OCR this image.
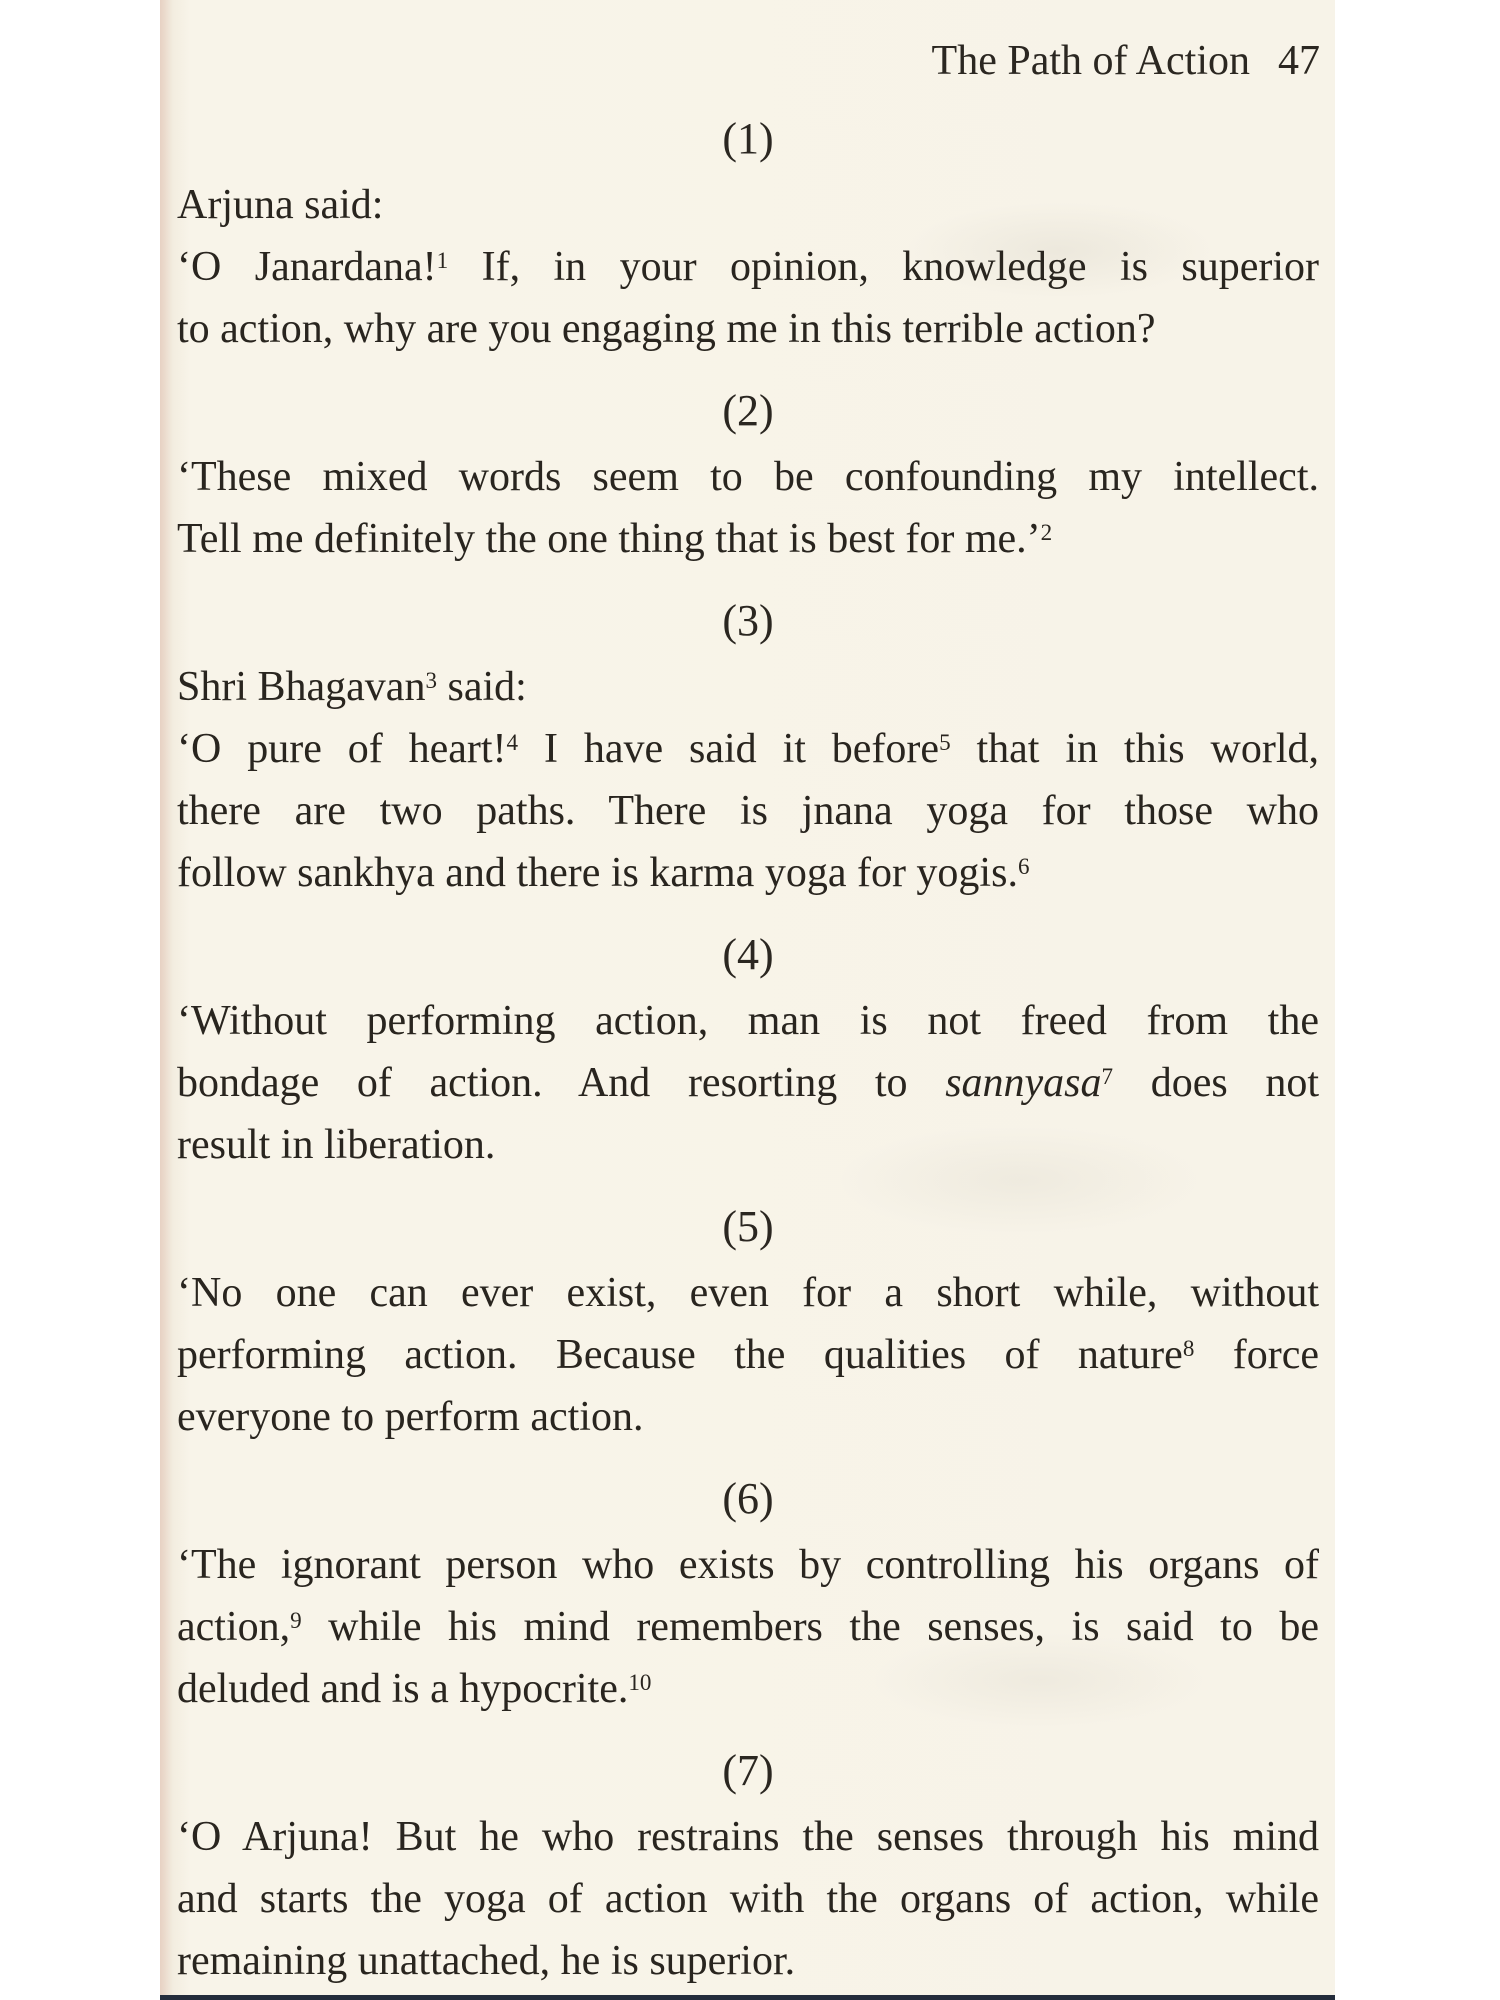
The Path of Action 47
(1)
Arjuna said:
‘O Janardana!$^1$ If, in your opinion, knowledge is superior
to action, why are you engaging me in this terrible action?
(2)
‘These mixed words seem to be confounding my intellect.
Tell me definitely the one thing that is best for me.’$^2$
(3)
Shri Bhagavan$^3$ said:
‘O pure of heart!$^4$ I have said it before$^5$ that in this world,
there are two paths. There is jnana yoga for those who
follow sankhya and there is karma yoga for yogis.$^6$
(4)
‘Without performing action, man is not freed from the
bondage of action. And resorting to sannyasa$^7$ does not
result in liberation.
(5)
‘No one can ever exist, even for a short while, without
performing action. Because the qualities of nature$^8$ force
everyone to perform action.
(6)
‘The ignorant person who exists by controlling his organs of
action,$^9$ while his mind remembers the senses, is said to be
deluded and is a hypocrite.$^{10}$
(7)
‘O Arjuna! But he who restrains the senses through his mind
and starts the yoga of action with the organs of action, while
remaining unattached, he is superior.
